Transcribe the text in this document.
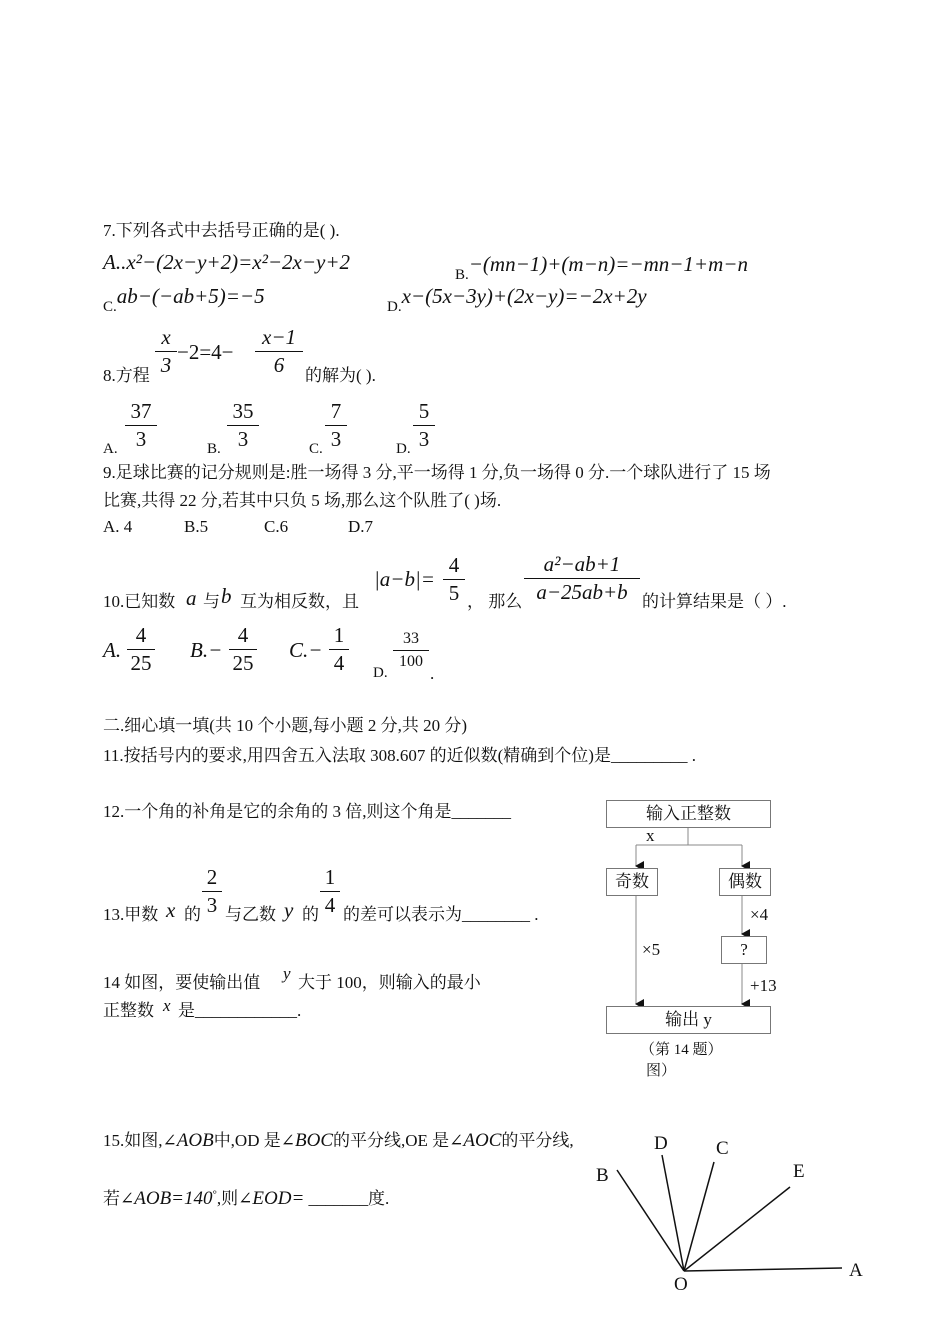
7.下列各式中去括号正确的是( ).
A..x²−(2x−y+2)=x²−2x−y+2
B.−(mn−1)+(m−n)=−mn−1+m−n
C.ab−(−ab+5)=−5	D.x−(5x−3y)+(2x−y)=−2x+2y
8.方程
x
3
−2=4−
x−1
6	的解为( ).
A.
37
3	B.
35
3	C.
7
3	D.
5
3
9.足球比赛的记分规则是:胜一场得 3 分,平一场得 1 分,负一场得 0 分.一个球队进行了 15 场
比赛,共得 22 分,若其中只负 5 场,那么这个队胜了( )场.
A. 4	B.5	C.6	D.7
10.已知数 a 与 b 互为相反数，且
|a−b|=
4
5 ， 那么
a²−ab+1
a−25ab+b 的计算结果是（ ）.
A.
4
25
B.−
4
25
C.−
1
4	D.
33
100
.
二.细心填一填(共 10 个小题,每小题 2 分,共 20 分)
11.按括号内的要求,用四舍五入法取 308.607 的近似数(精确到个位)是_________ .
12.一个角的补角是它的余角的 3 倍,则这个角是_______
13.甲数 x 的
2
3 与乙数 y 的
1
4 的差可以表示为________ .
14 如图，要使输出值 y 大于 100，则输入的最小
正整数 x 是____________.
输入正整数
x
奇数	偶数
×5
×4
?
+13
输出 y
（第 14 题）
图）
15.如图,∠AOB中,OD 是∠BOC的平分线,OE 是∠AOC的平分线,
若∠AOB=140°,则∠EOD= _______度.
B
D	C
E
A
O
